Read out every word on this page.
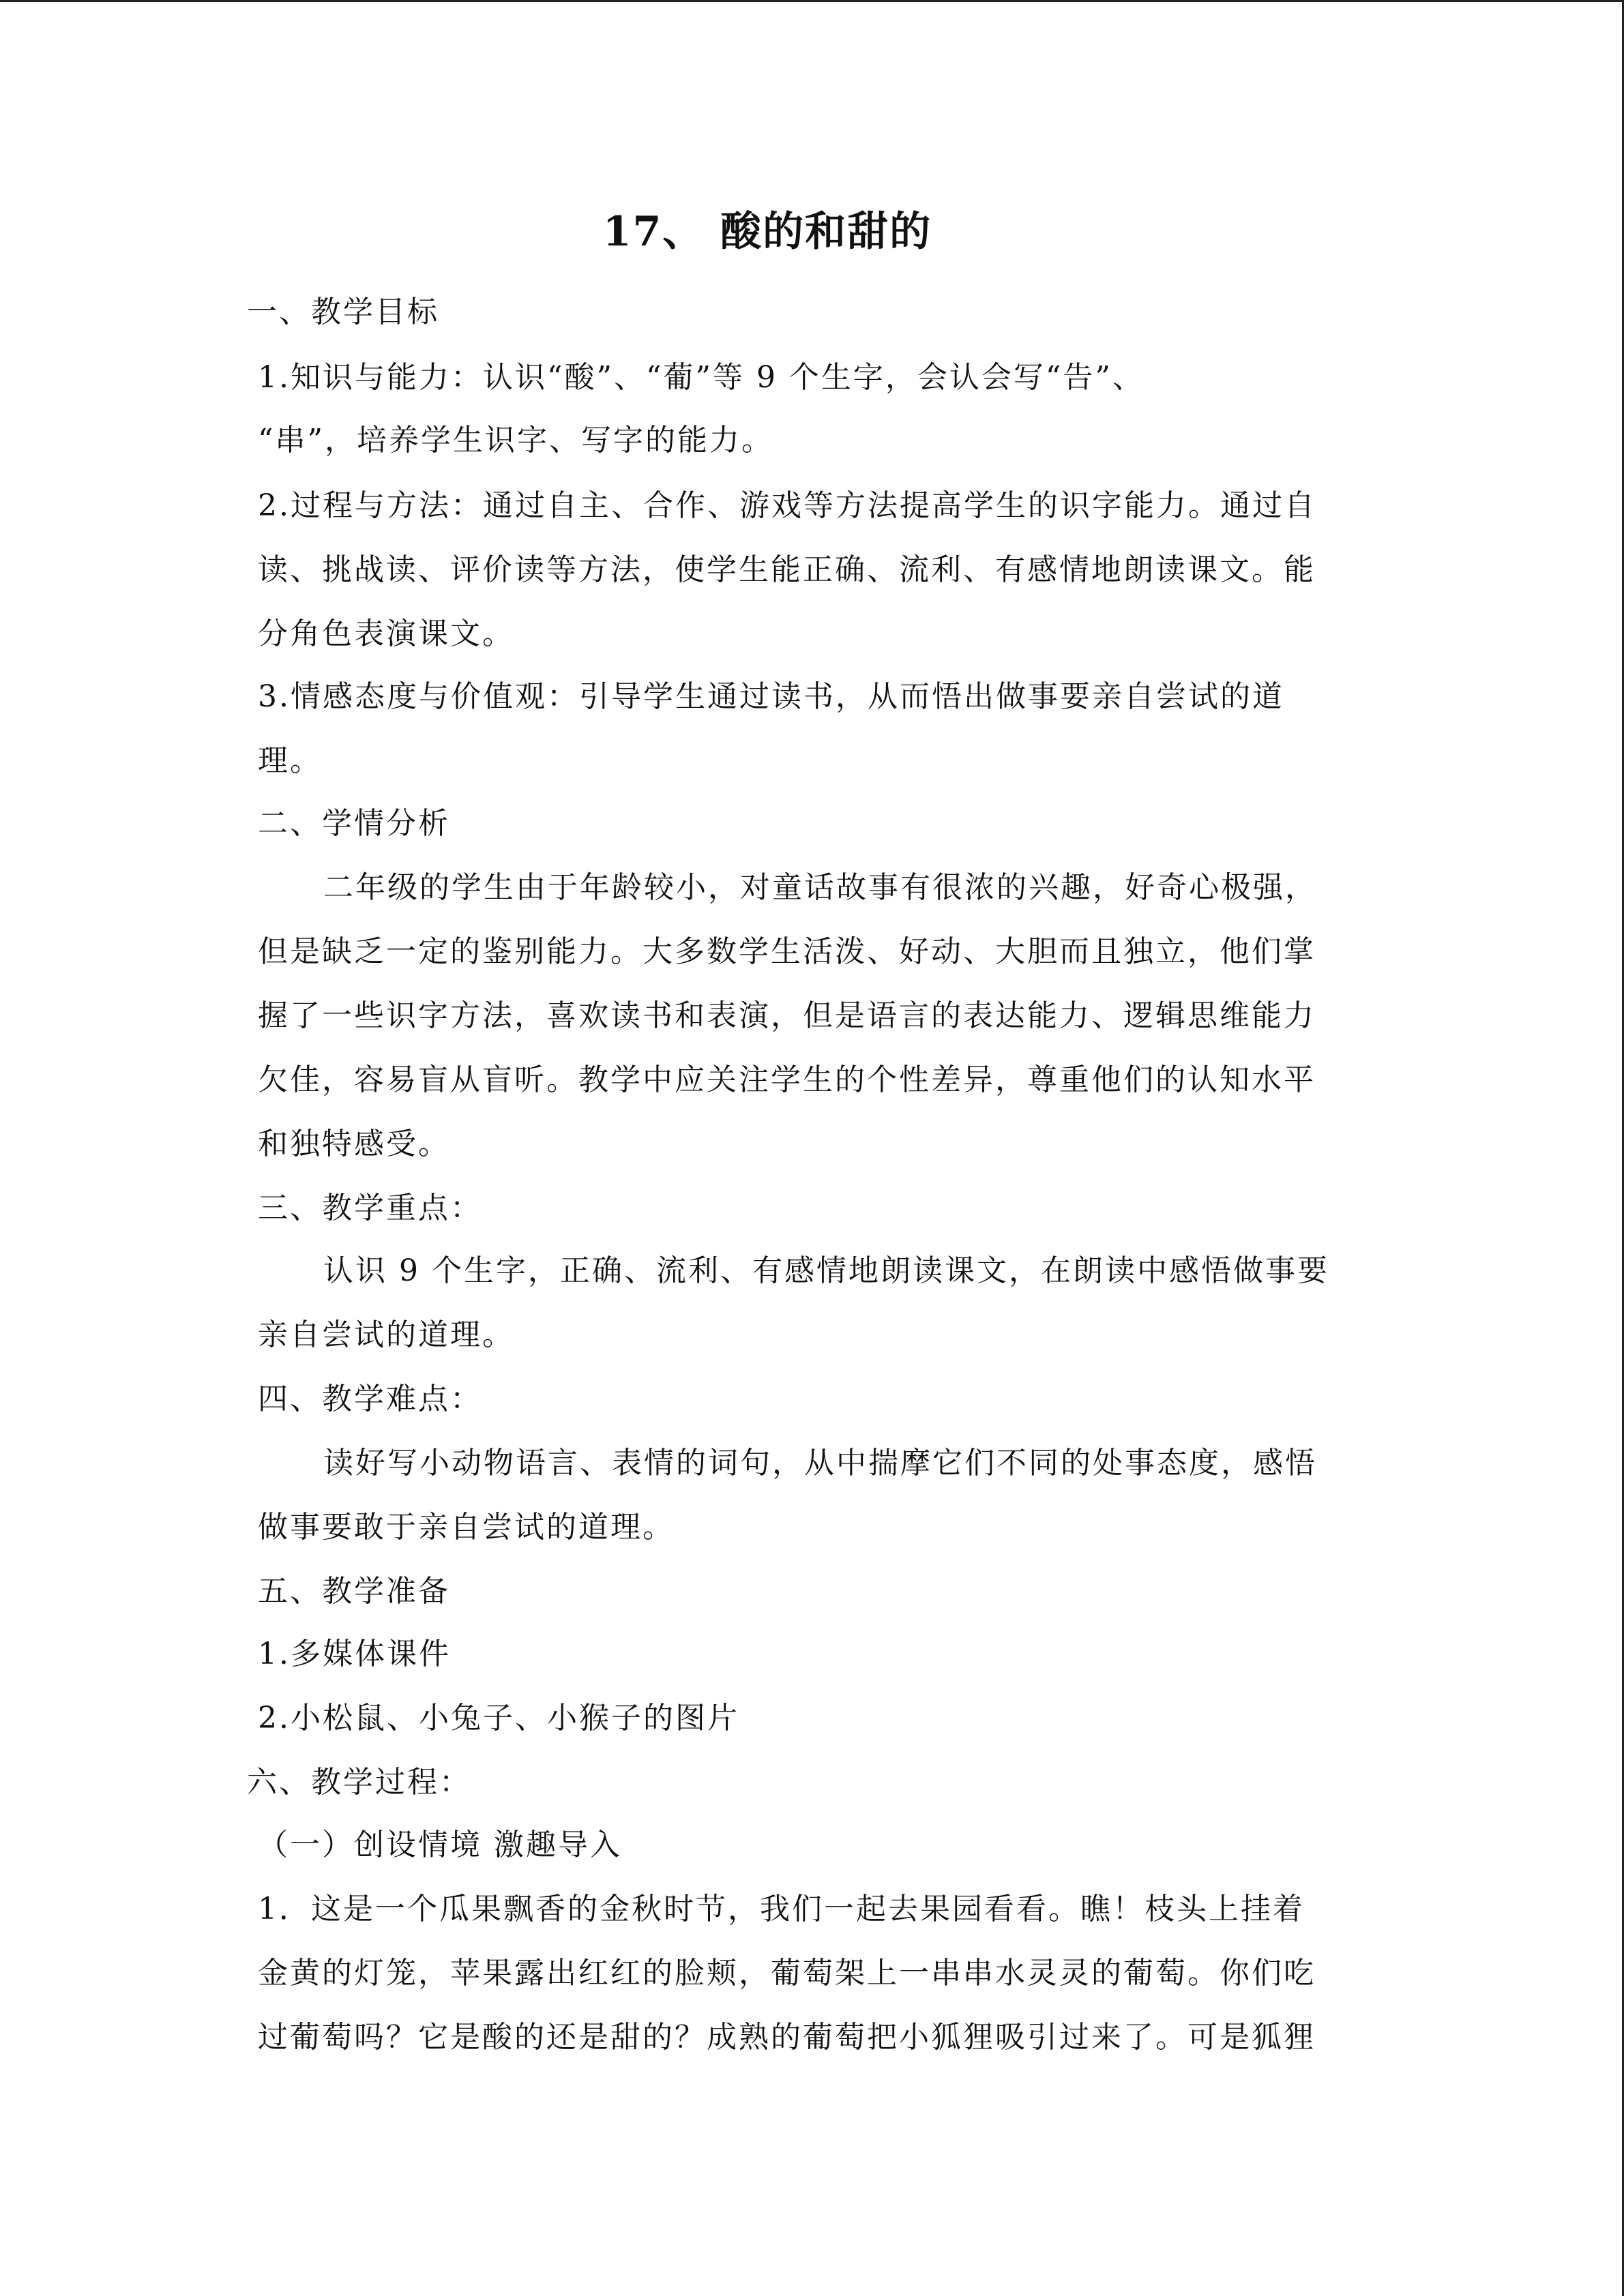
17、 酸的和甜的

一、教学目标

1.知识与能力：认识“酸”、“葡”等 9 个生字，会认会写“告”、

“串”，培养学生识字、写字的能力。

2.过程与方法：通过自主、合作、游戏等方法提高学生的识字能力。通过自

读、挑战读、评价读等方法，使学生能正确、流利、有感情地朗读课文。能

分角色表演课文。

3.情感态度与价值观：引导学生通过读书，从而悟出做事要亲自尝试的道

理。

二、学情分析

二年级的学生由于年龄较小，对童话故事有很浓的兴趣，好奇心极强，

但是缺乏一定的鉴别能力。大多数学生活泼、好动、大胆而且独立，他们掌

握了一些识字方法，喜欢读书和表演，但是语言的表达能力、逻辑思维能力

欠佳，容易盲从盲听。教学中应关注学生的个性差异，尊重他们的认知水平

和独特感受。

三、教学重点：

认识 9 个生字，正确、流利、有感情地朗读课文，在朗读中感悟做事要

亲自尝试的道理。

四、教学难点：

读好写小动物语言、表情的词句，从中揣摩它们不同的处事态度，感悟

做事要敢于亲自尝试的道理。

五、教学准备

1.多媒体课件

2.小松鼠、小兔子、小猴子的图片

六、教学过程：

（一）创设情境 激趣导入

1．这是一个瓜果飘香的金秋时节，我们一起去果园看看。瞧！枝头上挂着

金黄的灯笼，苹果露出红红的脸颊，葡萄架上一串串水灵灵的葡萄。你们吃

过葡萄吗？它是酸的还是甜的？成熟的葡萄把小狐狸吸引过来了。可是狐狸
